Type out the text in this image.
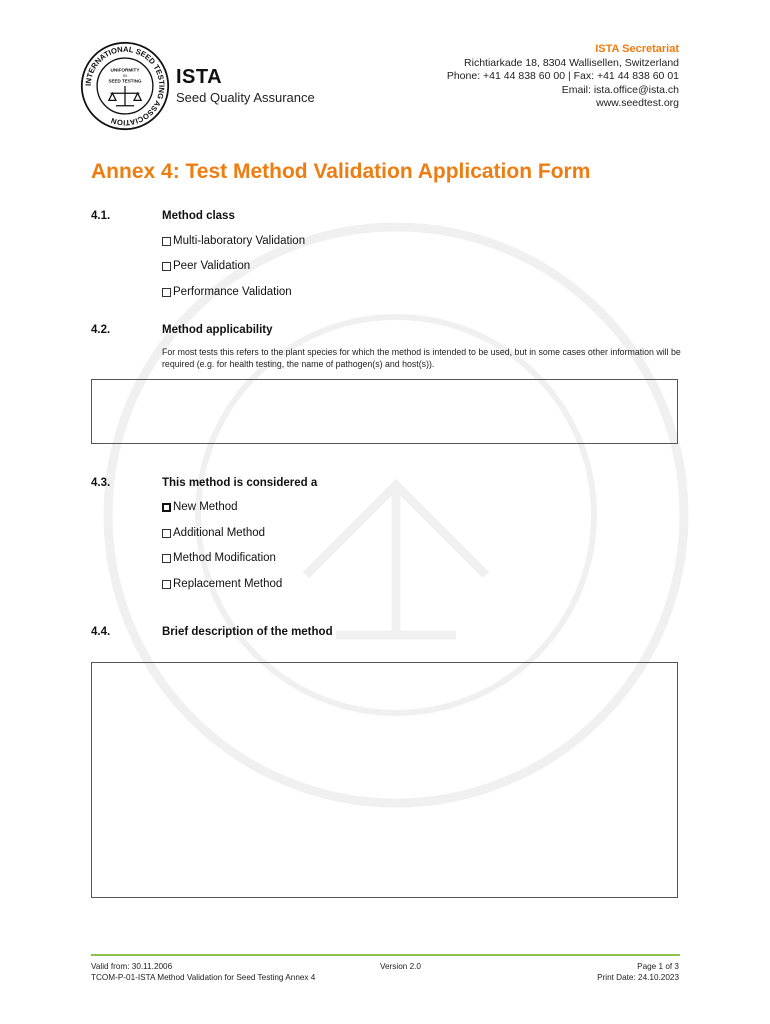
INTERNATIONAL SEED TESTING ASSOCIATION
UNIFORMITY
IN
SEED TESTING ISTA
Seed Quality Assurance
ISTA Secretariat
Richtiarkade 18, 8304 Wallisellen, Switzerland
Phone: +41 44 838 60 00 | Fax: +41 44 838 60 01
Email: ista.office@ista.ch
www.seedtest.org
Annex 4: Test Method Validation Application Form
4.1.	Method class
Multi-laboratory Validation
Peer Validation
Performance Validation
4.2.	Method applicability
For most tests this refers to the plant species for which the method is intended to be used, but in some cases other information will be required (e.g. for health testing, the name of pathogen(s) and host(s)).
4.3.	This method is considered a
New Method
Additional Method
Method Modification
Replacement Method
4.4.	Brief description of the method
Valid from: 30.11.2006
TCOM-P-01-ISTA Method Validation for Seed Testing Annex 4
Version 2.0	Page 1 of 3
Print Date: 24.10.2023
